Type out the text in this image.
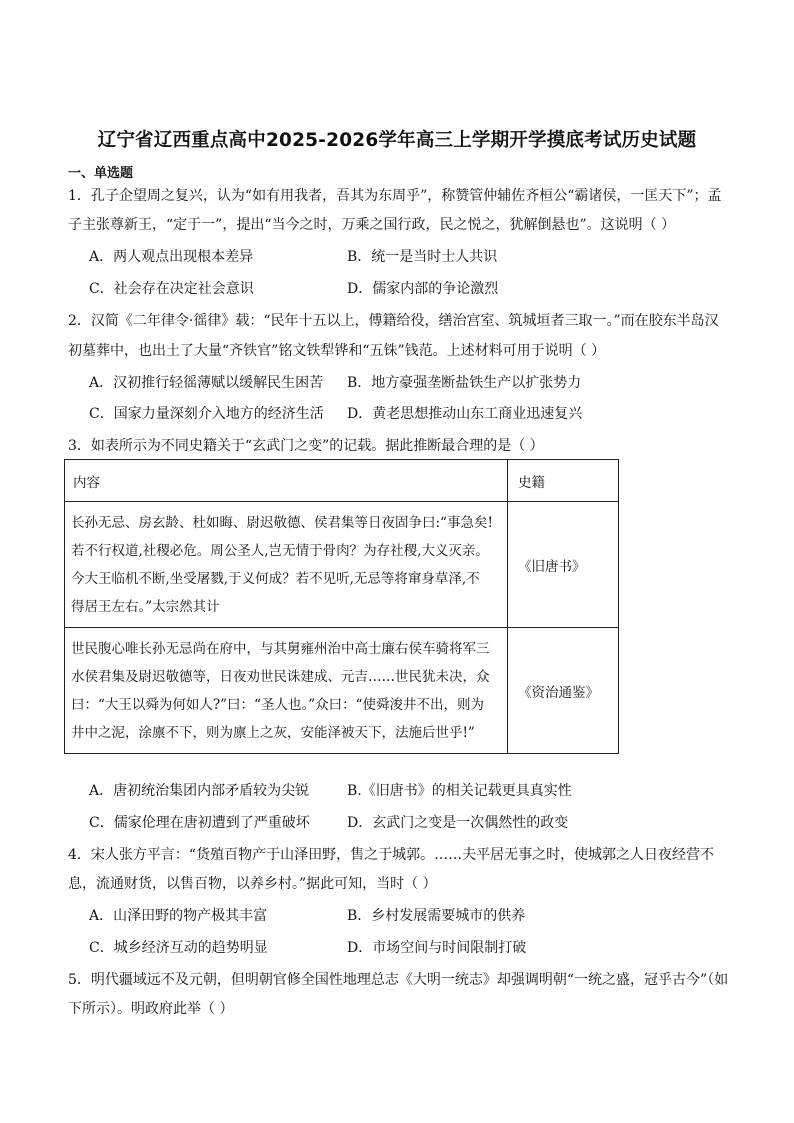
辽宁省辽西重点高中2025-2026学年高三上学期开学摸底考试历史试题
一、单选题
1．孔子企望周之复兴，认为“如有用我者，吾其为东周乎”，称赞管仲辅佐齐桓公“霸诸侯，一匡天下”；孟
子主张尊新王，“定于一”，提出“当今之时，万乘之国行政，民之悦之，犹解倒悬也”。这说明（ ）
A．两人观点出现根本差异	B．统一是当时士人共识
C．社会存在决定社会意识	D．儒家内部的争论激烈
2．汉简《二年律令·徭律》载：“民年十五以上，傅籍给役，缮治宫室、筑城垣者三取一。”而在胶东半岛汉
初墓葬中，也出土了大量“齐铁官”铭文铁犁铧和“五铢”钱范。上述材料可用于说明（ ）
A．汉初推行轻徭薄赋以缓解民生困苦 B．地方豪强垄断盐铁生产以扩张势力
C．国家力量深刻介入地方的经济生活 D．黄老思想推动山东工商业迅速复兴
3．如表所示为不同史籍关于“玄武门之变”的记载。据此推断最合理的是（ ）
内容	史籍

长孙无忌、房玄龄、杜如晦、尉迟敬德、侯君集等日夜固争曰:“事急矣!
若不行权道,社稷必危。周公圣人,岂无情于骨肉？为存社稷,大义灭亲。
今大王临机不断,坐受屠戮,于义何成？若不见听,无忌等将窜身草泽,不
得居王左右。”太宗然其计	《旧唐书》

世民腹心唯长孙无忌尚在府中，与其舅雍州治中高士廉右侯车骑将军三
水侯君集及尉迟敬德等，日夜劝世民诛建成、元吉……世民犹未决，众
曰：“大王以舜为何如人?”曰：“圣人也。”众曰：“使舜浚井不出，则为
井中之泥，涂廪不下，则为廪上之灰，安能泽被天下，法施后世乎!”	《资治通鉴》
A．唐初统治集团内部矛盾较为尖锐	B.《旧唐书》的相关记载更具真实性
C．儒家伦理在唐初遭到了严重破坏	D．玄武门之变是一次偶然性的政变
4．宋人张方平言：“货殖百物产于山泽田野，售之于城郭。……夫平居无事之时，使城郭之人日夜经营不
息，流通财货，以售百物，以养乡村。”据此可知，当时（ ）
A．山泽田野的物产极其丰富	B．乡村发展需要城市的供养
C．城乡经济互动的趋势明显	D．市场空间与时间限制打破
5．明代疆域远不及元朝，但明朝官修全国性地理总志《大明一统志》却强调明朝“一统之盛，冠乎古今”（如
下所示）。明政府此举（ ）
